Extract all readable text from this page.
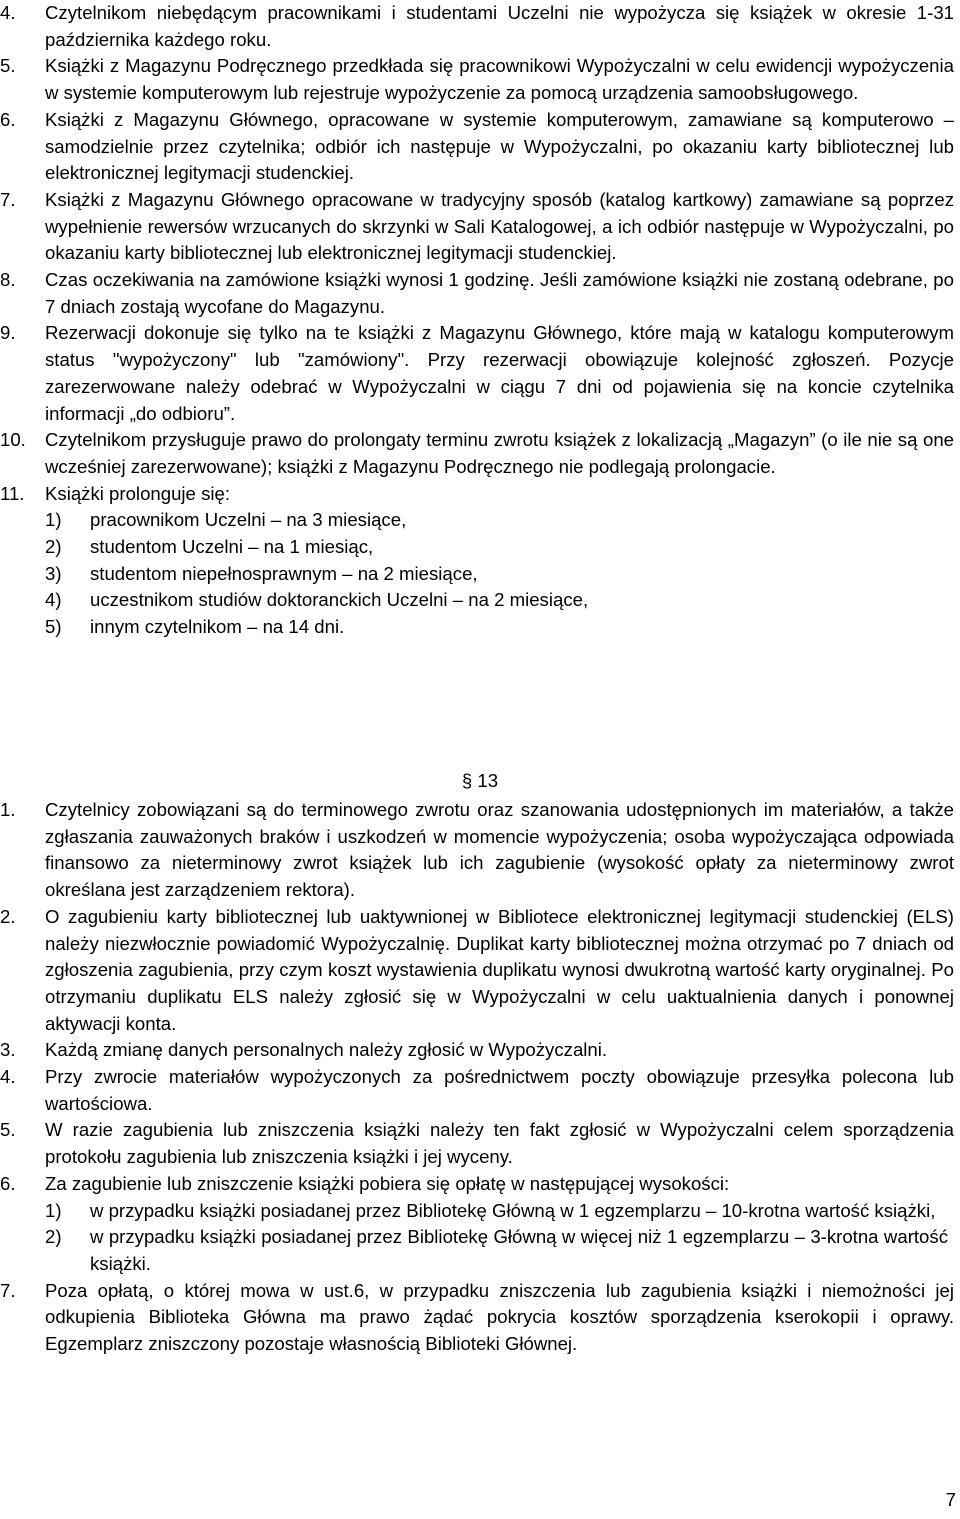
4. Czytelnikom niebędącym pracownikami i studentami Uczelni nie wypożycza się książek w okresie 1-31 października każdego roku.
5. Książki z Magazynu Podręcznego przedkłada się pracownikowi Wypożyczalni w celu ewidencji wypożyczenia w systemie komputerowym lub rejestruje wypożyczenie za pomocą urządzenia samoobsługowego.
6. Książki z Magazynu Głównego, opracowane w systemie komputerowym, zamawiane są komputerowo – samodzielnie przez czytelnika; odbiór ich następuje w Wypożyczalni, po okazaniu karty bibliotecznej lub elektronicznej legitymacji studenckiej.
7. Książki z Magazynu Głównego opracowane w tradycyjny sposób (katalog kartkowy) zamawiane są poprzez wypełnienie rewersów wrzucanych do skrzynki w Sali Katalogowej, a ich odbiór następuje w Wypożyczalni, po okazaniu karty bibliotecznej lub elektronicznej legitymacji studenckiej.
8. Czas oczekiwania na zamówione książki wynosi 1 godzinę. Jeśli zamówione książki nie zostaną odebrane, po 7 dniach zostają wycofane do Magazynu.
9. Rezerwacji dokonuje się tylko na te książki z Magazynu Głównego, które mają w katalogu komputerowym status "wypożyczony" lub "zamówiony". Przy rezerwacji obowiązuje kolejność zgłoszeń. Pozycje zarezerwowane należy odebrać w Wypożyczalni w ciągu 7 dni od pojawienia się na koncie czytelnika informacji „do odbioru”.
10. Czytelnikom przysługuje prawo do prolongaty terminu zwrotu książek z lokalizacją „Magazyn” (o ile nie są one wcześniej zarezerwowane); książki z Magazynu Podręcznego nie podlegają prolongacie.
11. Książki prolonguje się:
1) pracownikom Uczelni – na 3 miesiące,
2) studentom Uczelni – na 1 miesiąc,
3) studentom niepełnosprawnym – na 2 miesiące,
4) uczestnikom studiów doktoranckich Uczelni – na 2 miesiące,
5) innym czytelnikom – na 14 dni.
§ 13
1. Czytelnicy zobowiązani są do terminowego zwrotu oraz szanowania udostępnionych im materiałów, a także zgłaszania zauważonych braków i uszkodzeń w momencie wypożyczenia; osoba wypożyczająca odpowiada finansowo za nieterminowy zwrot książek lub ich zagubienie (wysokość opłaty za nieterminowy zwrot określana jest zarządzeniem rektora).
2. O zagubieniu karty bibliotecznej lub uaktywnionej w Bibliotece elektronicznej legitymacji studenckiej (ELS) należy niezwłocznie powiadomić Wypożyczalnię. Duplikat karty bibliotecznej można otrzymać po 7 dniach od zgłoszenia zagubienia, przy czym koszt wystawienia duplikatu wynosi dwukrotną wartość karty oryginalnej. Po otrzymaniu duplikatu ELS należy zgłosić się w Wypożyczalni w celu uaktualnienia danych i ponownej aktywacji konta.
3. Każdą zmianę danych personalnych należy zgłosić w Wypożyczalni.
4. Przy zwrocie materiałów wypożyczonych za pośrednictwem poczty obowiązuje przesyłka polecona lub wartościowa.
5. W razie zagubienia lub zniszczenia książki należy ten fakt zgłosić w Wypożyczalni celem sporządzenia protokołu zagubienia lub zniszczenia książki i jej wyceny.
6. Za zagubienie lub zniszczenie książki pobiera się opłatę w następującej wysokości:
1) w przypadku książki posiadanej przez Bibliotekę Główną w 1 egzemplarzu – 10-krotna wartość książki,
2) w przypadku książki posiadanej przez Bibliotekę Główną w więcej niż 1 egzemplarzu – 3-krotna wartość książki.
7. Poza opłatą, o której mowa w ust.6, w przypadku zniszczenia lub zagubienia książki i niemożności jej odkupienia Biblioteka Główna ma prawo żądać pokrycia kosztów sporządzenia kserokopii i oprawy. Egzemplarz zniszczony pozostaje własnością Biblioteki Głównej.
7
